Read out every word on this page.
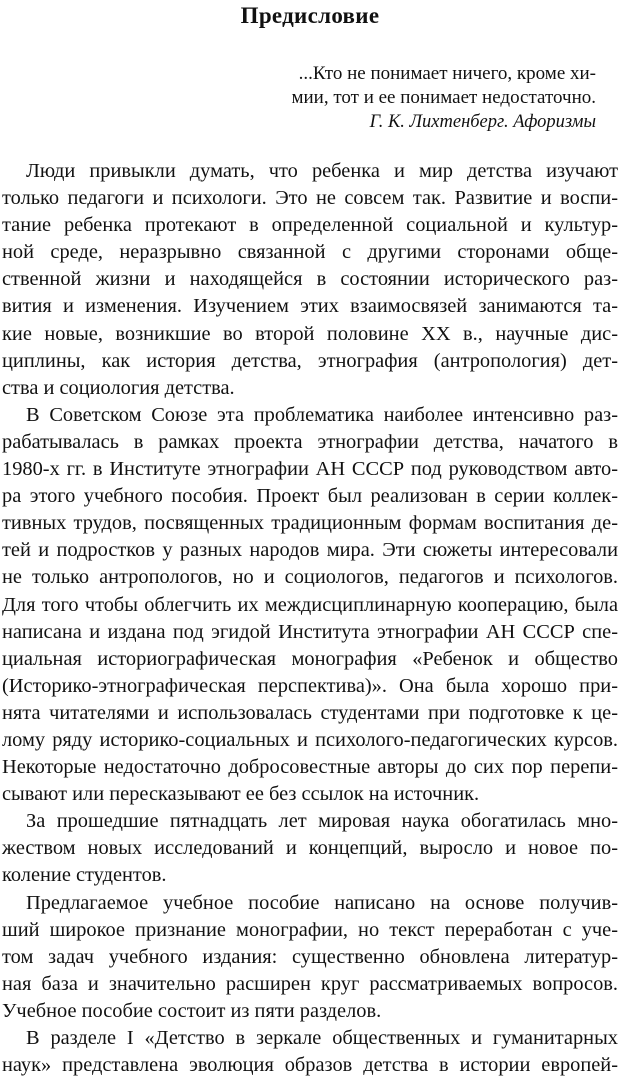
Предисловие
...Кто не понимает ничего, кроме хи-
мии, тот и ее понимает недостаточно.
Г. К. Лихтенберг. Афоризмы
Люди привыкли думать, что ребенка и мир детства изучают
только педагоги и психологи. Это не совсем так. Развитие и воспи-
тание ребенка протекают в определенной социальной и культур-
ной среде, неразрывно связанной с другими сторонами обще-
ственной жизни и находящейся в состоянии исторического раз-
вития и изменения. Изучением этих взаимосвязей занимаются та-
кие новые, возникшие во второй половине XX в., научные дис-
циплины, как история детства, этнография (антропология) дет-
ства и социология детства.
В Советском Союзе эта проблематика наиболее интенсивно раз-
рабатывалась в рамках проекта этнографии детства, начатого в
1980-х гг. в Институте этнографии АН СССР под руководством авто-
ра этого учебного пособия. Проект был реализован в серии коллек-
тивных трудов, посвященных традиционным формам воспитания де-
тей и подростков у разных народов мира. Эти сюжеты интересовали
не только антропологов, но и социологов, педагогов и психологов.
Для того чтобы облегчить их междисциплинарную кооперацию, была
написана и издана под эгидой Института этнографии АН СССР спе-
циальная историографическая монография «Ребенок и общество
(Историко-этнографическая перспектива)». Она была хорошо при-
нята читателями и использовалась студентами при подготовке к це-
лому ряду историко-социальных и психолого-педагогических курсов.
Некоторые недостаточно добросовестные авторы до сих пор перепи-
сывают или пересказывают ее без ссылок на источник.
За прошедшие пятнадцать лет мировая наука обогатилась мно-
жеством новых исследований и концепций, выросло и новое по-
коление студентов.
Предлагаемое учебное пособие написано на основе получив-
ший широкое признание монографии, но текст переработан с уче-
том задач учебного издания: существенно обновлена литератур-
ная база и значительно расширен круг рассматриваемых вопросов.
Учебное пособие состоит из пяти разделов.
В разделе I «Детство в зеркале общественных и гуманитарных
наук» представлена эволюция образов детства в истории европей-
